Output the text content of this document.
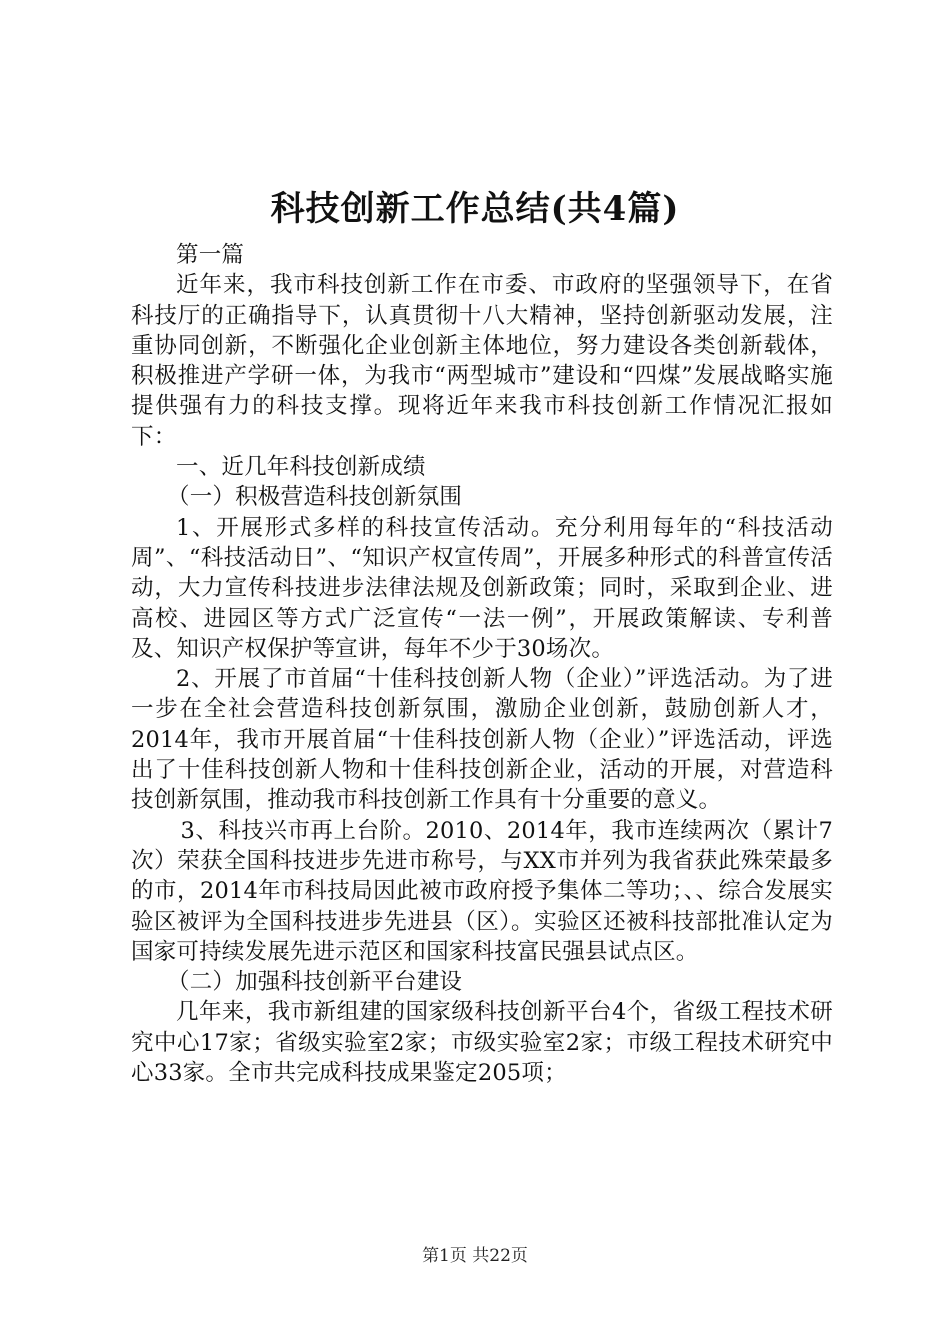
科技创新工作总结(共4篇)

第一篇

近年来，我市科技创新工作在市委、市政府的坚强领导下，在省科技厅的正确指导下，认真贯彻十八大精神，坚持创新驱动发展，注重协同创新，不断强化企业创新主体地位，努力建设各类创新载体，积极推进产学研一体，为我市“两型城市”建设和“四煤”发展战略实施提供强有力的科技支撑。现将近年来我市科技创新工作情况汇报如下：

一、近几年科技创新成绩

（一）积极营造科技创新氛围

1、开展形式多样的科技宣传活动。充分利用每年的“科技活动周”、“科技活动日”、“知识产权宣传周”，开展多种形式的科普宣传活动，大力宣传科技进步法律法规及创新政策；同时，采取到企业、进高校、进园区等方式广泛宣传“一法一例”，开展政策解读、专利普及、知识产权保护等宣讲，每年不少于30场次。

2、开展了市首届“十佳科技创新人物（企业）”评选活动。为了进一步在全社会营造科技创新氛围，激励企业创新，鼓励创新人才，2014年，我市开展首届“十佳科技创新人物（企业）”评选活动，评选出了十佳科技创新人物和十佳科技创新企业，活动的开展，对营造科技创新氛围，推动我市科技创新工作具有十分重要的意义。

3、科技兴市再上台阶。2010、2014年，我市连续两次（累计7次）荣获全国科技进步先进市称号，与XX市并列为我省获此殊荣最多的市，2014年市科技局因此被市政府授予集体二等功；、、综合发展实验区被评为全国科技进步先进县（区）。实验区还被科技部批准认定为国家可持续发展先进示范区和国家科技富民强县试点区。

（二）加强科技创新平台建设

几年来，我市新组建的国家级科技创新平台4个，省级工程技术研究中心17家；省级实验室2家；市级实验室2家；市级工程技术研究中心33家。全市共完成科技成果鉴定205项；

第1页 共22页
